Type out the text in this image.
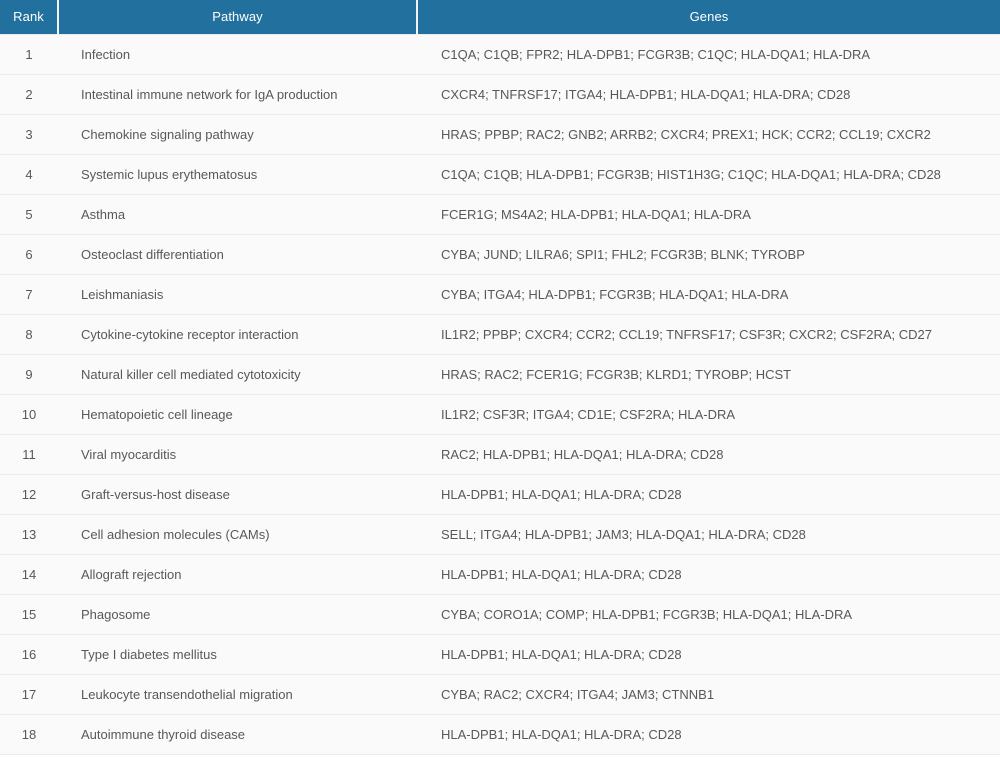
Rank	Pathway	Genes
1	Infection	C1QA; C1QB; FPR2; HLA-DPB1; FCGR3B; C1QC; HLA-DQA1; HLA-DRA
2	Intestinal immune network for IgA production	CXCR4; TNFRSF17; ITGA4; HLA-DPB1; HLA-DQA1; HLA-DRA; CD28
3	Chemokine signaling pathway	HRAS; PPBP; RAC2; GNB2; ARRB2; CXCR4; PREX1; HCK; CCR2; CCL19; CXCR2
4	Systemic lupus erythematosus	C1QA; C1QB; HLA-DPB1; FCGR3B; HIST1H3G; C1QC; HLA-DQA1; HLA-DRA; CD28
5	Asthma	FCER1G; MS4A2; HLA-DPB1; HLA-DQA1; HLA-DRA
6	Osteoclast differentiation	CYBA; JUND; LILRA6; SPI1; FHL2; FCGR3B; BLNK; TYROBP
7	Leishmaniasis	CYBA; ITGA4; HLA-DPB1; FCGR3B; HLA-DQA1; HLA-DRA
8	Cytokine-cytokine receptor interaction	IL1R2; PPBP; CXCR4; CCR2; CCL19; TNFRSF17; CSF3R; CXCR2; CSF2RA; CD27
9	Natural killer cell mediated cytotoxicity	HRAS; RAC2; FCER1G; FCGR3B; KLRD1; TYROBP; HCST
10	Hematopoietic cell lineage	IL1R2; CSF3R; ITGA4; CD1E; CSF2RA; HLA-DRA
11	Viral myocarditis	RAC2; HLA-DPB1; HLA-DQA1; HLA-DRA; CD28
12	Graft-versus-host disease	HLA-DPB1; HLA-DQA1; HLA-DRA; CD28
13	Cell adhesion molecules (CAMs)	SELL; ITGA4; HLA-DPB1; JAM3; HLA-DQA1; HLA-DRA; CD28
14	Allograft rejection	HLA-DPB1; HLA-DQA1; HLA-DRA; CD28
15	Phagosome	CYBA; CORO1A; COMP; HLA-DPB1; FCGR3B; HLA-DQA1; HLA-DRA
16	Type I diabetes mellitus	HLA-DPB1; HLA-DQA1; HLA-DRA; CD28
17	Leukocyte transendothelial migration	CYBA; RAC2; CXCR4; ITGA4; JAM3; CTNNB1
18	Autoimmune thyroid disease	HLA-DPB1; HLA-DQA1; HLA-DRA; CD28
